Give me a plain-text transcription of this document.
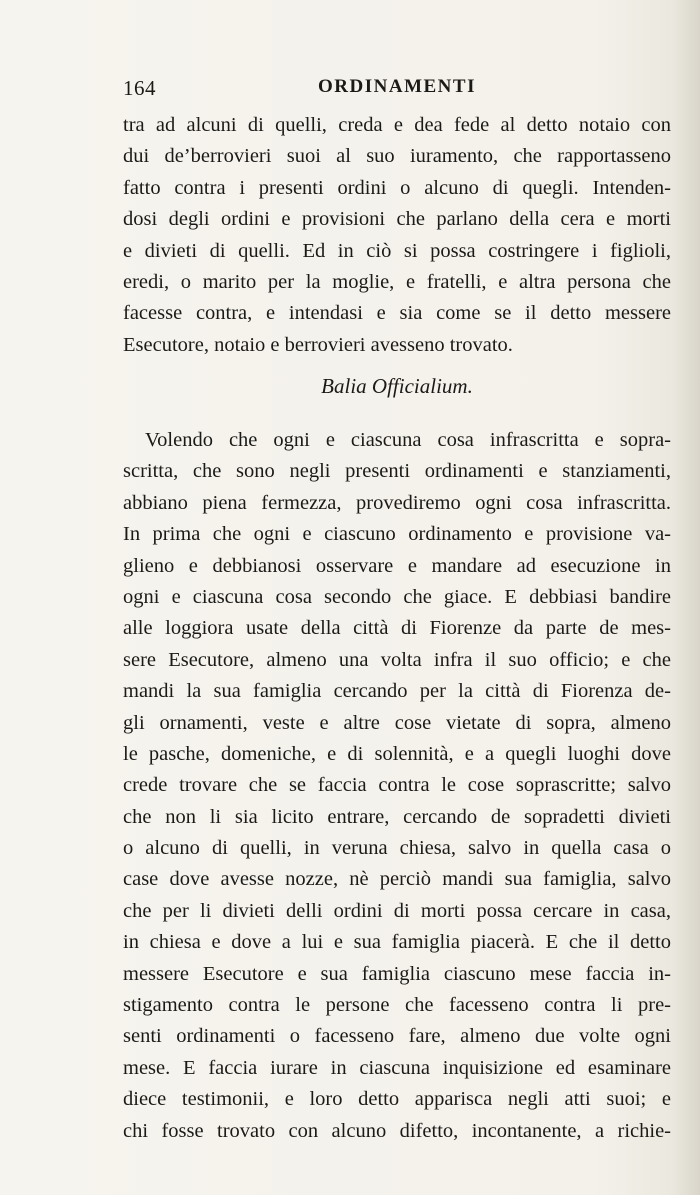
164	ORDINAMENTI
tra ad alcuni di quelli, creda e dea fede al detto notaio con
dui de’berrovieri suoi al suo iuramento, che rapportasseno
fatto contra i presenti ordini o alcuno di quegli. Intenden-
dosi degli ordini e provisioni che parlano della cera e morti
e divieti di quelli. Ed in ciò si possa costringere i figlioli,
eredi, o marito per la moglie, e fratelli, e altra persona che
facesse contra, e intendasi e sia come se il detto messere
Esecutore, notaio e berrovieri avesseno trovato.
Balia Officialium.
Volendo che ogni e ciascuna cosa infrascritta e sopra-
scritta, che sono negli presenti ordinamenti e stanziamenti,
abbiano piena fermezza, provediremo ogni cosa infrascritta.
In prima che ogni e ciascuno ordinamento e provisione va-
glieno e debbianosi osservare e mandare ad esecuzione in
ogni e ciascuna cosa secondo che giace. E debbiasi bandire
alle loggiora usate della città di Fiorenze da parte de mes-
sere Esecutore, almeno una volta infra il suo officio; e che
mandi la sua famiglia cercando per la città di Fiorenza de-
gli ornamenti, veste e altre cose vietate di sopra, almeno
le pasche, domeniche, e di solennità, e a quegli luoghi dove
crede trovare che se faccia contra le cose soprascritte; salvo
che non li sia licito entrare, cercando de sopradetti divieti
o alcuno di quelli, in veruna chiesa, salvo in quella casa o
case dove avesse nozze, nè perciò mandi sua famiglia, salvo
che per li divieti delli ordini di morti possa cercare in casa,
in chiesa e dove a lui e sua famiglia piacerà. E che il detto
messere Esecutore e sua famiglia ciascuno mese faccia in-
stigamento contra le persone che facesseno contra li pre-
senti ordinamenti o facesseno fare, almeno due volte ogni
mese. E faccia iurare in ciascuna inquisizione ed esaminare
diece testimonii, e loro detto apparisca negli atti suoi; e
chi fosse trovato con alcuno difetto, incontanente, a richie-
